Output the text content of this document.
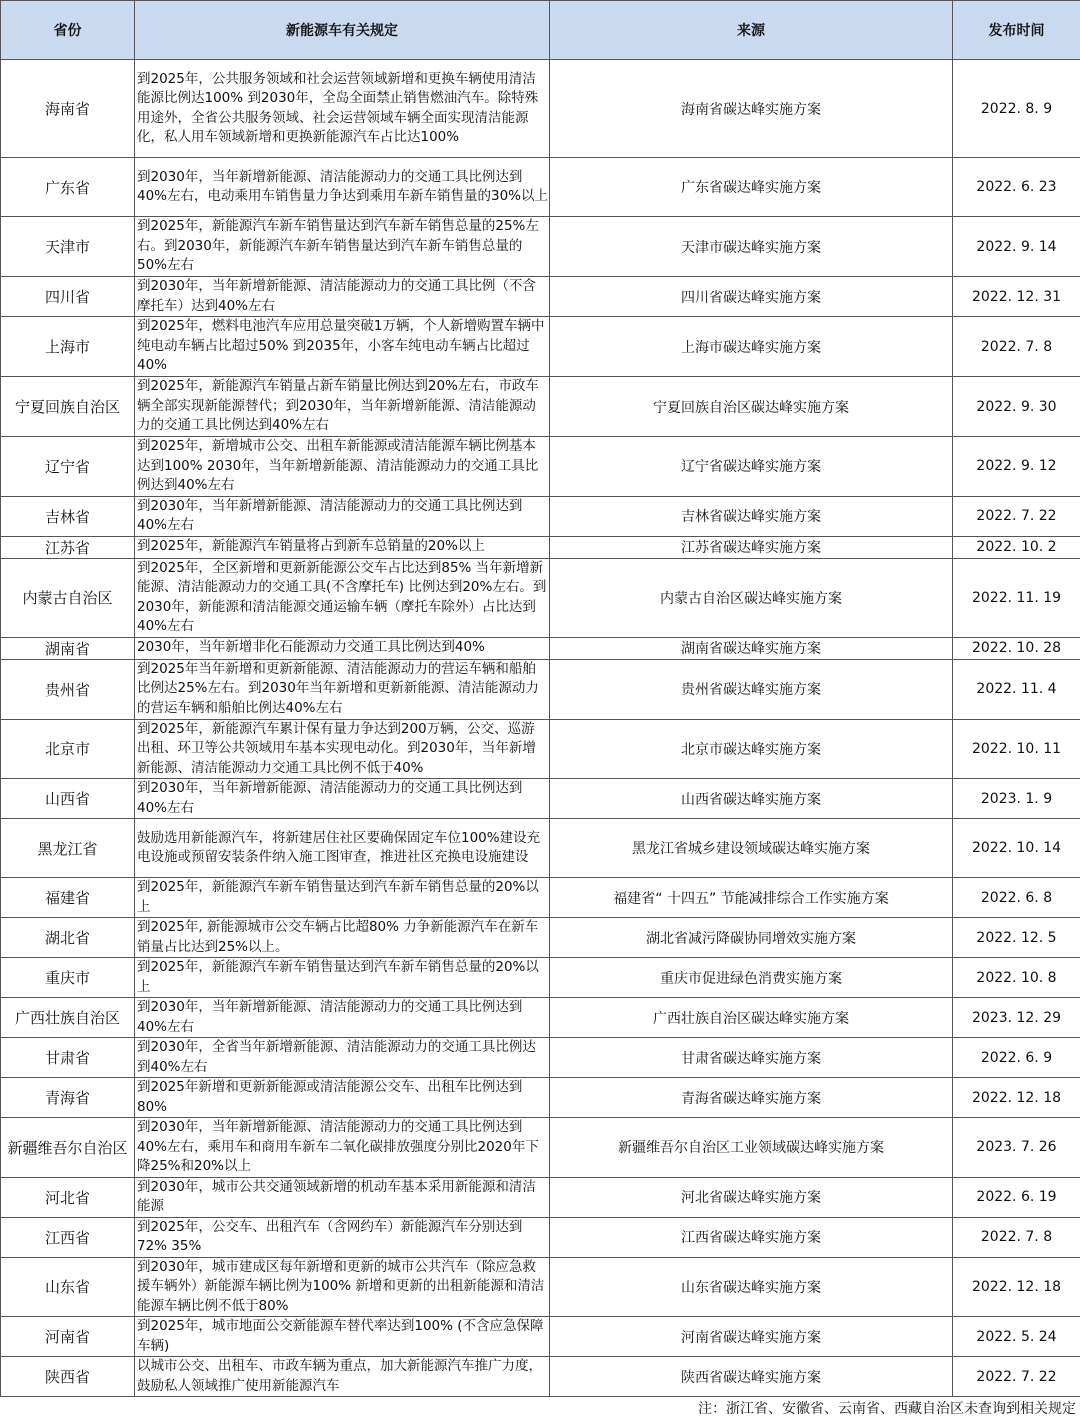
省份	新能源车有关规定	来源	发布时间
海南省	到2025年，公共服务领域和社会运营领域新增和更换车辆使用清洁能源比例达100% 到2030年，全岛全面禁止销售燃油汽车。除特殊用途外，全省公共服务领域、社会运营领域车辆全面实现清洁能源化，私人用车领域新增和更换新能源汽车占比达100%	海南省碳达峰实施方案	2022. 8. 9
广东省	到2030年，当年新增新能源、清洁能源动力的交通工具比例达到40%左右，电动乘用车销售量力争达到乘用车新车销售量的30%以上	广东省碳达峰实施方案	2022. 6. 23
天津市	到2025年，新能源汽车新车销售量达到汽车新车销售总量的25%左右。到2030年，新能源汽车新车销售量达到汽车新车销售总量的50%左右	天津市碳达峰实施方案	2022. 9. 14
四川省	到2030年，当年新增新能源、清洁能源动力的交通工具比例（不含摩托车）达到40%左右	四川省碳达峰实施方案	2022. 12. 31
上海市	到2025年，燃料电池汽车应用总量突破1万辆，个人新增购置车辆中纯电动车辆占比超过50% 到2035年，小客车纯电动车辆占比超过40%	上海市碳达峰实施方案	2022. 7. 8
宁夏回族自治区	到2025年，新能源汽车销量占新车销量比例达到20%左右，市政车辆全部实现新能源替代；到2030年，当年新增新能源、清洁能源动力的交通工具比例达到40%左右	宁夏回族自治区碳达峰实施方案	2022. 9. 30
辽宁省	到2025年，新增城市公交、出租车新能源或清洁能源车辆比例基本达到100% 2030年，当年新增新能源、清洁能源动力的交通工具比例达到40%左右	辽宁省碳达峰实施方案	2022. 9. 12
吉林省	到2030年，当年新增新能源、清洁能源动力的交通工具比例达到40%左右	吉林省碳达峰实施方案	2022. 7. 22
江苏省	到2025年，新能源汽车销量将占到新车总销量的20%以上	江苏省碳达峰实施方案	2022. 10. 2
内蒙古自治区	到2025年，全区新增和更新新能源公交车占比达到85% 当年新增新能源、清洁能源动力的交通工具(不含摩托车) 比例达到20%左右。到2030年，新能源和清洁能源交通运输车辆（摩托车除外）占比达到40%左右	内蒙古自治区碳达峰实施方案	2022. 11. 19
湖南省	2030年，当年新增非化石能源动力交通工具比例达到40%	湖南省碳达峰实施方案	2022. 10. 28
贵州省	到2025年当年新增和更新新能源、清洁能源动力的营运车辆和船舶比例达25%左右。到2030年当年新增和更新新能源、清洁能源动力的营运车辆和船舶比例达40%左右	贵州省碳达峰实施方案	2022. 11. 4
北京市	到2025年，新能源汽车累计保有量力争达到200万辆，公交、巡游出租、环卫等公共领域用车基本实现电动化。到2030年，当年新增新能源、清洁能源动力交通工具比例不低于40%	北京市碳达峰实施方案	2022. 10. 11
山西省	到2030年，当年新增新能源、清洁能源动力的交通工具比例达到40%左右	山西省碳达峰实施方案	2023. 1. 9
黑龙江省	鼓励选用新能源汽车，将新建居住社区要确保固定车位100%建设充电设施或预留安装条件纳入施工图审查，推进社区充换电设施建设	黑龙江省城乡建设领域碳达峰实施方案	2022. 10. 14
福建省	到2025年，新能源汽车新车销售量达到汽车新车销售总量的20%以上	福建省“ 十四五” 节能减排综合工作实施方案	2022. 6. 8
湖北省	到2025年, 新能源城市公交车辆占比超80% 力争新能源汽车在新车销量占比达到25%以上。	湖北省减污降碳协同增效实施方案	2022. 12. 5
重庆市	到2025年，新能源汽车新车销售量达到汽车新车销售总量的20%以上	重庆市促进绿色消费实施方案	2022. 10. 8
广西壮族自治区	到2030年，当年新增新能源、清洁能源动力的交通工具比例达到40%左右	广西壮族自治区碳达峰实施方案	2023. 12. 29
甘肃省	到2030年，全省当年新增新能源、清洁能源动力的交通工具比例达到40%左右	甘肃省碳达峰实施方案	2022. 6. 9
青海省	到2025年新增和更新新能源或清洁能源公交车、出租车比例达到80%	青海省碳达峰实施方案	2022. 12. 18
新疆维吾尔自治区	到2030年，当年新增新能源、清洁能源动力的交通工具比例达到40%左右，乘用车和商用车新车二氧化碳排放强度分别比2020年下降25%和20%以上	新疆维吾尔自治区工业领域碳达峰实施方案	2023. 7. 26
河北省	到2030年，城市公共交通领域新增的机动车基本采用新能源和清洁能源	河北省碳达峰实施方案	2022. 6. 19
江西省	到2025年，公交车、出租汽车（含网约车）新能源汽车分别达到72% 35%	江西省碳达峰实施方案	2022. 7. 8
山东省	到2030年，城市建成区每年新增和更新的城市公共汽车（除应急救援车辆外）新能源车辆比例为100% 新增和更新的出租新能源和清洁能源车辆比例不低于80%	山东省碳达峰实施方案	2022. 12. 18
河南省	到2025年，城市地面公交新能源车替代率达到100% (不含应急保障车辆)	河南省碳达峰实施方案	2022. 5. 24
陕西省	以城市公交、出租车、市政车辆为重点，加大新能源汽车推广力度，鼓励私人领域推广使用新能源汽车	陕西省碳达峰实施方案	2022. 7. 22
注：浙江省、安徽省、云南省、西藏自治区未查询到相关规定
